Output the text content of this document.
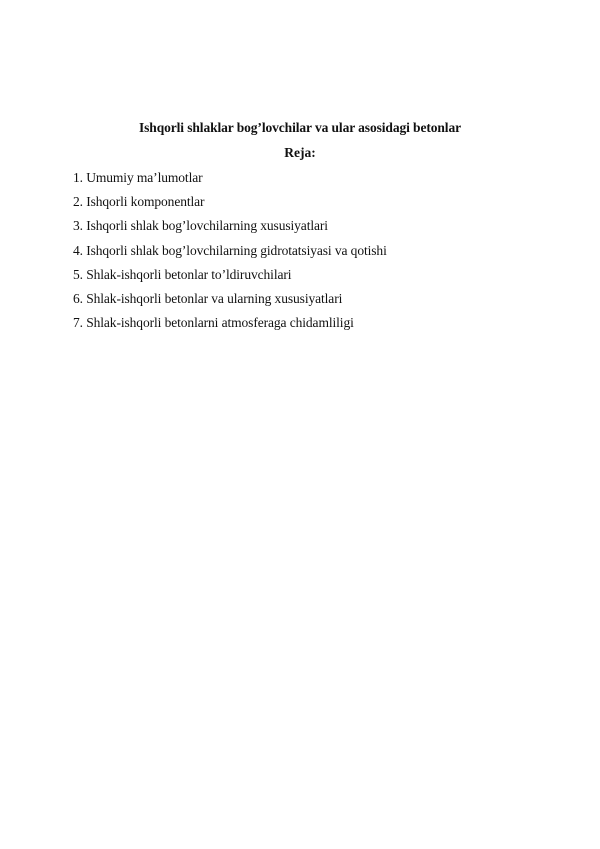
Ishqorli shlaklar bog’lovchilar va ular asosidagi betonlar
Reja:
1. Umumiy ma’lumotlar
2. Ishqorli komponentlar
3. Ishqorli shlak bog’lovchilarning xususiyatlari
4. Ishqorli shlak bog’lovchilarning gidrotatsiyasi va qotishi
5. Shlak-ishqorli betonlar to’ldiruvchilari
6. Shlak-ishqorli betonlar va ularning xususiyatlari
7. Shlak-ishqorli betonlarni atmosferaga chidamliligi
